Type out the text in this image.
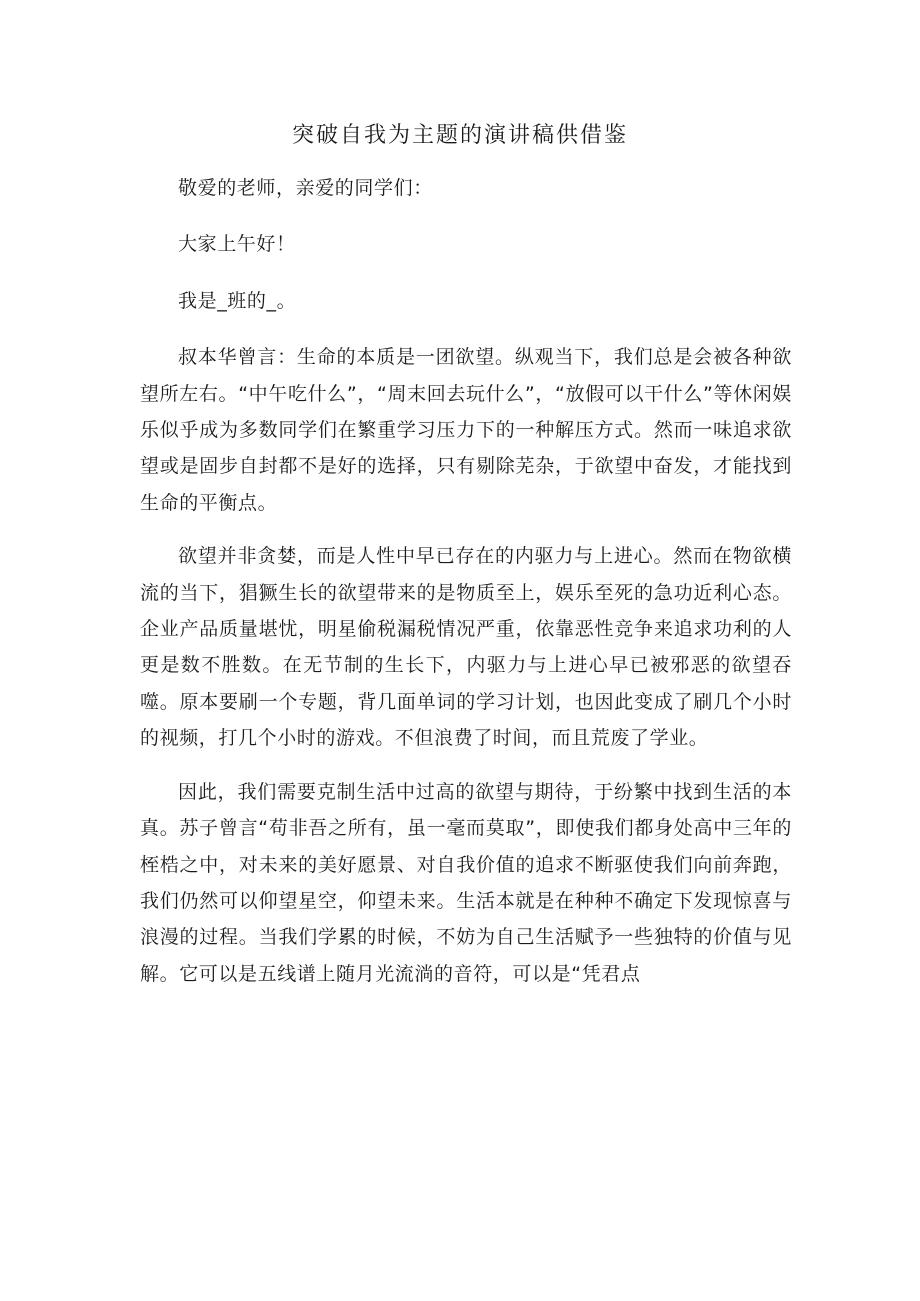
突破自我为主题的演讲稿供借鉴

敬爱的老师，亲爱的同学们：

大家上午好！

我是_班的_。

叔本华曾言：生命的本质是一团欲望。纵观当下，我们总是会被各种欲望所左右。“中午吃什么”，“周末回去玩什么”，“放假可以干什么”等休闲娱乐似乎成为多数同学们在繁重学习压力下的一种解压方式。然而一味追求欲望或是固步自封都不是好的选择，只有剔除芜杂，于欲望中奋发，才能找到生命的平衡点。

欲望并非贪婪，而是人性中早已存在的内驱力与上进心。然而在物欲横流的当下，猖獗生长的欲望带来的是物质至上，娱乐至死的急功近利心态。企业产品质量堪忧，明星偷税漏税情况严重，依靠恶性竞争来追求功利的人更是数不胜数。在无节制的生长下，内驱力与上进心早已被邪恶的欲望吞噬。原本要刷一个专题，背几面单词的学习计划，也因此变成了刷几个小时的视频，打几个小时的游戏。不但浪费了时间，而且荒废了学业。

因此，我们需要克制生活中过高的欲望与期待，于纷繁中找到生活的本真。苏子曾言“苟非吾之所有，虽一毫而莫取”，即使我们都身处高中三年的桎梏之中，对未来的美好愿景、对自我价值的追求不断驱使我们向前奔跑，我们仍然可以仰望星空，仰望未来。生活本就是在种种不确定下发现惊喜与浪漫的过程。当我们学累的时候，不妨为自己生活赋予一些独特的价值与见解。它可以是五线谱上随月光流淌的音符，可以是“凭君点
